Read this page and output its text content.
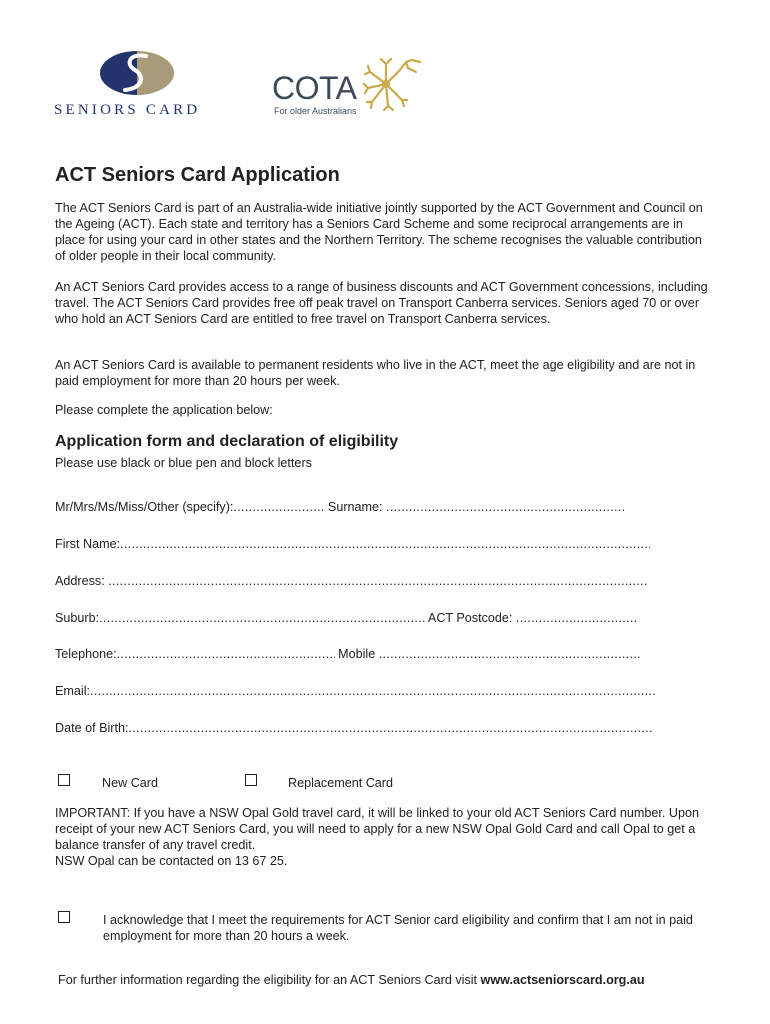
SENIORS CARD
COTA
For older Australians
ACT Seniors Card Application

The ACT Seniors Card is part of an Australia-wide initiative jointly supported by the ACT Government and Council on the Ageing (ACT). Each state and territory has a Seniors Card Scheme and some reciprocal arrangements are in place for using your card in other states and the Northern Territory. The scheme recognises the valuable contribution of older people in their local community.

An ACT Seniors Card provides access to a range of business discounts and ACT Government concessions, including travel. The ACT Seniors Card provides free off peak travel on Transport Canberra services. Seniors aged 70 or over who hold an ACT Seniors Card are entitled to free travel on Transport Canberra services.

An ACT Seniors Card is available to permanent residents who live in the ACT, meet the age eligibility and are not in paid employment for more than 20 hours per week.

Please complete the application below:

Application form and declaration of eligibility
Please use black or blue pen and block letters
Mr/Mrs/Ms/Miss/Other (specify): .....	Surname: .....
First Name:.....
Address: .....
Suburb: .....	ACT Postcode: .....
Telephone: .....	Mobile .....
Email:.....
Date of Birth:.....
New Card	Replacement Card

IMPORTANT: If you have a NSW Opal Gold travel card, it will be linked to your old ACT Seniors Card number. Upon receipt of your new ACT Seniors Card, you will need to apply for a new NSW Opal Gold Card and call Opal to get a balance transfer of any travel credit.

NSW Opal can be contacted on 13 67 25.

I acknowledge that I meet the requirements for ACT Senior card eligibility and confirm that I am not in paid employment for more than 20 hours a week.

For further information regarding the eligibility for an ACT Seniors Card visit www.actseniorscard.org.au
